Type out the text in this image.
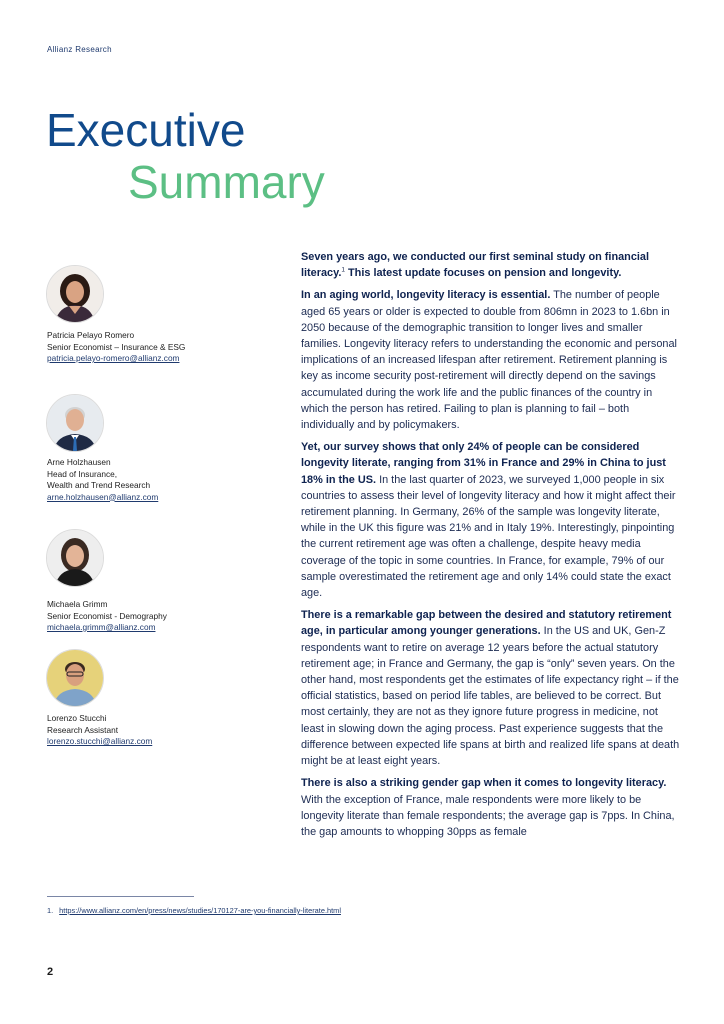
Allianz Research
Executive
Summary
Patricia Pelayo Romero
Senior Economist – Insurance & ESG
patricia.pelayo-romero@allianz.com
Arne Holzhausen
Head of Insurance,
Wealth and Trend Research
arne.holzhausen@allianz.com
Michaela Grimm
Senior Economist - Demography
michaela.grimm@allianz.com
Lorenzo Stucchi
Research Assistant
lorenzo.stucchi@allianz.com

Seven years ago, we conducted our first seminal study on financial literacy.$^1$ This latest update focuses on pension and longevity.

In an aging world, longevity literacy is essential. The number of people aged 65 years or older is expected to double from 806mn in 2023 to 1.6bn in 2050 because of the demographic transition to longer lives and smaller families. Longevity literacy refers to understanding the economic and personal implications of an increased lifespan after retirement. Retirement planning is key as income security post-retirement will directly depend on the savings accumulated during the work life and the public finances of the country in which the person has retired. Failing to plan is planning to fail – both individually and by policymakers.

Yet, our survey shows that only 24% of people can be considered longevity literate, ranging from 31% in France and 29% in China to just 18% in the US. In the last quarter of 2023, we surveyed 1,000 people in six countries to assess their level of longevity literacy and how it might affect their retirement planning. In Germany, 26% of the sample was longevity literate, while in the UK this figure was 21% and in Italy 19%. Interestingly, pinpointing the current retirement age was often a challenge, despite heavy media coverage of the topic in some countries. In France, for example, 79% of our sample overestimated the retirement age and only 14% could state the exact age.

There is a remarkable gap between the desired and statutory retirement age, in particular among younger generations. In the US and UK, Gen-Z respondents want to retire on average 12 years before the actual statutory retirement age; in France and Germany, the gap is “only” seven years. On the other hand, most respondents get the estimates of life expectancy right – if the official statistics, based on period life tables, are believed to be correct. But most certainly, they are not as they ignore future progress in medicine, not least in slowing down the aging process. Past experience suggests that the difference between expected life spans at birth and realized life spans at death might be at least eight years.

There is also a striking gender gap when it comes to longevity literacy. With the exception of France, male respondents were more likely to be longevity literate than female respondents; the average gap is 7pps. In China, the gap amounts to whopping 30pps as female

1. https://www.allianz.com/en/press/news/studies/170127-are-you-financially-literate.html
2
